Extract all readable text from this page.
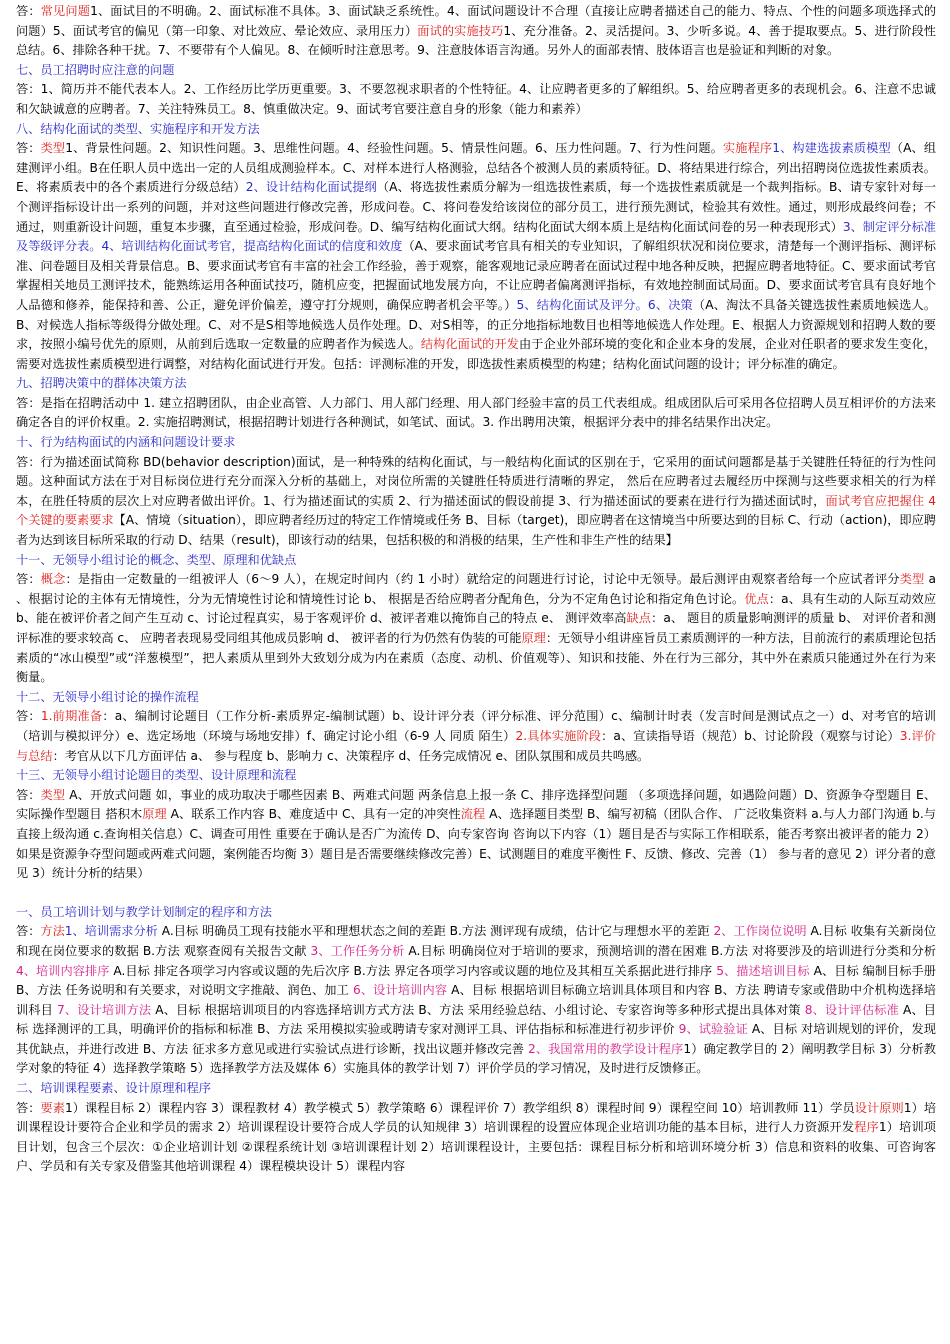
答：常见问题1、面试目的不明确。2、面试标准不具体。3、面试缺乏系统性。4、面试问题设计不合理（直接让应聘者描述自己的能力、特点、个性的问题多项选择式的问题）5、面试考官的偏见（第一印象、对比效应、晕论效应、录用压力）面试的实施技巧1、充分准备。2、灵活提问。3、少听多说。4、善于提取要点。5、进行阶段性总结。6、排除各种干扰。7、不要带有个人偏见。8、在倾听时注意思考。9、注意肢体语言沟通。另外人的面部表情、肢体语言也是验证和判断的对象。

七、员工招聘时应注意的问题

答：1、简历并不能代表本人。2、工作经历比学历更重要。3、不要忽视求职者的个性特征。4、让应聘者更多的了解组织。5、给应聘者更多的表现机会。6、注意不忠诚和欠缺诚意的应聘者。7、关注特殊员工。8、慎重做决定。9、面试考官要注意自身的形象（能力和素养）

八、结构化面试的类型、实施程序和开发方法

答：类型1、背景性问题。2、知识性问题。3、思维性问题。4、经验性问题。5、情景性问题。6、压力性问题。7、行为性问题。实施程序1、构建选拔素质模型（A、组建测评小组。B在任职人员中选出一定的人员组成测验样本。C、对样本进行人格测验，总结各个被测人员的素质特征。D、将结果进行综合，列出招聘岗位选拔性素质表。E、将素质表中的各个素质进行分级总结）2、设计结构化面试提纲（A、将选拔性素质分解为一组选拔性素质，每一个选拔性素质就是一个裁判指标。B、请专家针对每一个测评指标设计出一系列的问题，并对这些问题进行修改完善，形成问卷。C、将问卷发给该岗位的部分员工，进行预先测试，检验其有效性。通过，则形成最终问卷；不通过，则重新设计问题，重复本步骤，直至通过检验，形成问卷。D、编写结构化面试大纲。结构化面试大纲本质上是结构化面试问卷的另一种表现形式）3、制定评分标准及等级评分表。4、培训结构化面试考官，提高结构化面试的信度和效度（A、要求面试考官具有相关的专业知识，了解组织状况和岗位要求，清楚每一个测评指标、测评标准、问卷题目及相关背景信息。B、要求面试考官有丰富的社会工作经验，善于观察，能客观地记录应聘者在面试过程中地各种反映，把握应聘者地特征。C、要求面试考官掌握相关地员工测评技术，能熟练运用各种面试技巧，随机应变，把握面试地发展方向，不让应聘者偏离测评指标，有效地控制面试局面。D、要求面试考官具有良好地个人品德和修养，能保持和善、公正，避免评价偏差，遵守打分规则，确保应聘者机会平等。）5、结构化面试及评分。6、决策（A、淘汰不具备关键选拔性素质地候选人。B、对候选人指标等级得分做处理。C、对不是S相等地候选人员作处理。D、对S相等，的正分地指标地数目也相等地候选人作处理。E、根据人力资源规划和招聘人数的要求，按照小编号优先的原则，从前到后选取一定数量的应聘者作为候选人。结构化面试的开发由于企业外部环境的变化和企业本身的发展，企业对任职者的要求发生变化，需要对选拔性素质模型进行调整，对结构化面试进行开发。包括：评测标准的开发，即选拔性素质模型的构建；结构化面试问题的设计；评分标准的确定。

九、招聘决策中的群体决策方法

答：是指在招聘活动中 1. 建立招聘团队，由企业高管、人力部门、用人部门经理、用人部门经验丰富的员工代表组成。组成团队后可采用各位招聘人员互相评价的方法来确定各自的评价权重。2. 实施招聘测试，根据招聘计划进行各种测试，如笔试、面试。3. 作出聘用决策，根据评分表中的排名结果作出决定。

十、行为结构面试的内涵和问题设计要求

答：行为描述面试简称 BD(behavior description)面试，是一种特殊的结构化面试，与一般结构化面试的区别在于，它采用的面试问题都是基于关键胜任特征的行为性问题。这种面试方法在于对目标岗位进行充分而深入分析的基础上，对岗位所需的关键胜任特质进行清晰的界定， 然后在应聘者过去履经历中探测与这些要求相关的行为样本，在胜任特质的层次上对应聘者做出评价。1、行为描述面试的实质 2、行为描述面试的假设前提 3、行为描述面试的要素在进行行为描述面试时，面试考官应把握住 4 个关键的要素要求【A、情境（situation），即应聘者经历过的特定工作情境或任务 B、目标（target)，即应聘者在这情境当中所要达到的目标 C、行动（action)，即应聘者为达到该目标所采取的行动 D、结果（result)，即该行动的结果，包括积极的和消极的结果，生产性和非生产性的结果】

十一、无领导小组讨论的概念、类型、原理和优缺点

答：概念：是指由一定数量的一组被评人（6～9 人），在规定时间内（约 1 小时）就给定的问题进行讨论，讨论中无领导。最后测评由观察者给每一个应试者评分类型 a 、根据讨论的主体有无情境性，分为无情境性讨论和情境性讨论 b、 根据是否给应聘者分配角色，分为不定角色讨论和指定角色讨论。优点：a、具有生动的人际互动效应 b、能在被评价者之间产生互动 c、讨论过程真实，易于客观评价 d、被评者难以掩饰自己的特点 e、 测评效率高缺点：a、 题目的质量影响测评的质量 b、 对评价者和测评标准的要求较高 c、 应聘者表现易受同组其他成员影响 d、 被评者的行为仍然有伪装的可能原理：无领导小组讲座旨员工素质测评的一种方法，目前流行的素质理论包括素质的“冰山模型”或“洋葱模型”，把人素质从里到外大致划分成为内在素质（态度、动机、价值观等）、知识和技能、外在行为三部分，其中外在素质只能通过外在行为来衡量。

十二、无领导小组讨论的操作流程

答：1.前期准备：a、编制讨论题目（工作分析-素质界定-编制试题）b、设计评分表（评分标准、评分范围）c、编制计时表（发言时间是测试点之一）d、对考官的培训（培训与模拟评分）e、选定场地（环境与场地安排）f、确定讨论小组（6-9 人 同质 陌生）2.具体实施阶段：a、宣读指导语（规范）b、讨论阶段（观察与讨论）3.评价与总结：考官从以下几方面评估 a、 参与程度 b、影响力 c、决策程序 d、任务完成情况 e、团队氛围和成员共鸣感。

十三、无领导小组讨论题目的类型、设计原理和流程

答：类型 A、开放式问题 如，事业的成功取决于哪些因素 B、两难式问题 两条信息上报一条 C、排序选择型问题 （多项选择问题，如遇险问题）D、资源争夺型题目 E、实际操作型题目 搭积木原理 A、联系工作内容 B、难度适中 C、具有一定的冲突性流程 A、选择题目类型 B、编写初稿（团队合作、 广泛收集资料 a.与人力部门沟通 b.与直接上级沟通 c.查询相关信息）C、调查可用性 重要在于确认是否广为流传 D、向专家咨询 咨询以下内容（1）题目是否与实际工作相联系，能否考察出被评者的能力 2）如果是资源争夺型问题或两难式问题，案例能否均衡 3）题目是否需要继续修改完善）E、试测题目的难度平衡性 F、反馈、修改、完善（1） 参与者的意见 2）评分者的意见 3）统计分析的结果）

一、员工培训计划与教学计划制定的程序和方法

答：方法1、培训需求分析 A.目标 明确员工现有技能水平和理想状态之间的差距 B.方法 测评现有成绩，估计它与理想水平的差距 2、工作岗位说明 A.目标 收集有关新岗位和现在岗位要求的数据 B.方法 观察查阅有关报告文献 3、工作任务分析 A.目标 明确岗位对于培训的要求，预测培训的潜在困难 B.方法 对将要涉及的培训进行分类和分析 4、培训内容排序 A.目标 排定各项学习内容或议题的先后次序 B.方法 界定各项学习内容或议题的地位及其相互关系据此进行排序 5、描述培训目标 A、目标 编制目标手册 B、方法 任务说明和有关要求，对说明文字推敲、润色、加工 6、设计培训内容 A、目标 根据培训目标确立培训具体项目和内容 B、方法 聘请专家或借助中介机构选择培训科目 7、设计培训方法 A、目标 根据培训项目的内容选择培训方式方法 B、方法 采用经验总结、小组讨论、专家咨询等多种形式提出具体对策 8、设计评估标准 A、目标 选择测评的工具，明确评价的指标和标准 B、方法 采用模拟实验或聘请专家对测评工具、评估指标和标准进行初步评价 9、试验验证 A、目标 对培训规划的评价，发现其优缺点，并进行改进 B、方法 征求多方意见或进行实验试点进行诊断，找出议题并修改完善 2、我国常用的教学设计程序1）确定教学目的 2）阐明教学目标 3）分析教学对象的特征 4）选择教学策略 5）选择教学方法及媒体 6）实施具体的教学计划 7）评价学员的学习情况，及时进行反馈修正。

二、培训课程要素、设计原理和程序

答：要素1）课程目标 2）课程内容 3）课程教材 4）教学模式 5）教学策略 6）课程评价 7）教学组织 8）课程时间 9）课程空间 10）培训教师 11）学员设计原则1）培训课程设计要符合企业和学员的需求 2）培训课程设计要符合成人学员的认知规律 3）培训课程的设置应体现企业培训功能的基本目标，进行人力资源开发程序1）培训项目计划，包含三个层次：①企业培训计划 ②课程系统计划 ③培训课程计划 2）培训课程设计，主要包括：课程目标分析和培训环境分析 3）信息和资料的收集、可咨询客户、学员和有关专家及借鉴其他培训课程 4）课程模块设计 5）课程内容
